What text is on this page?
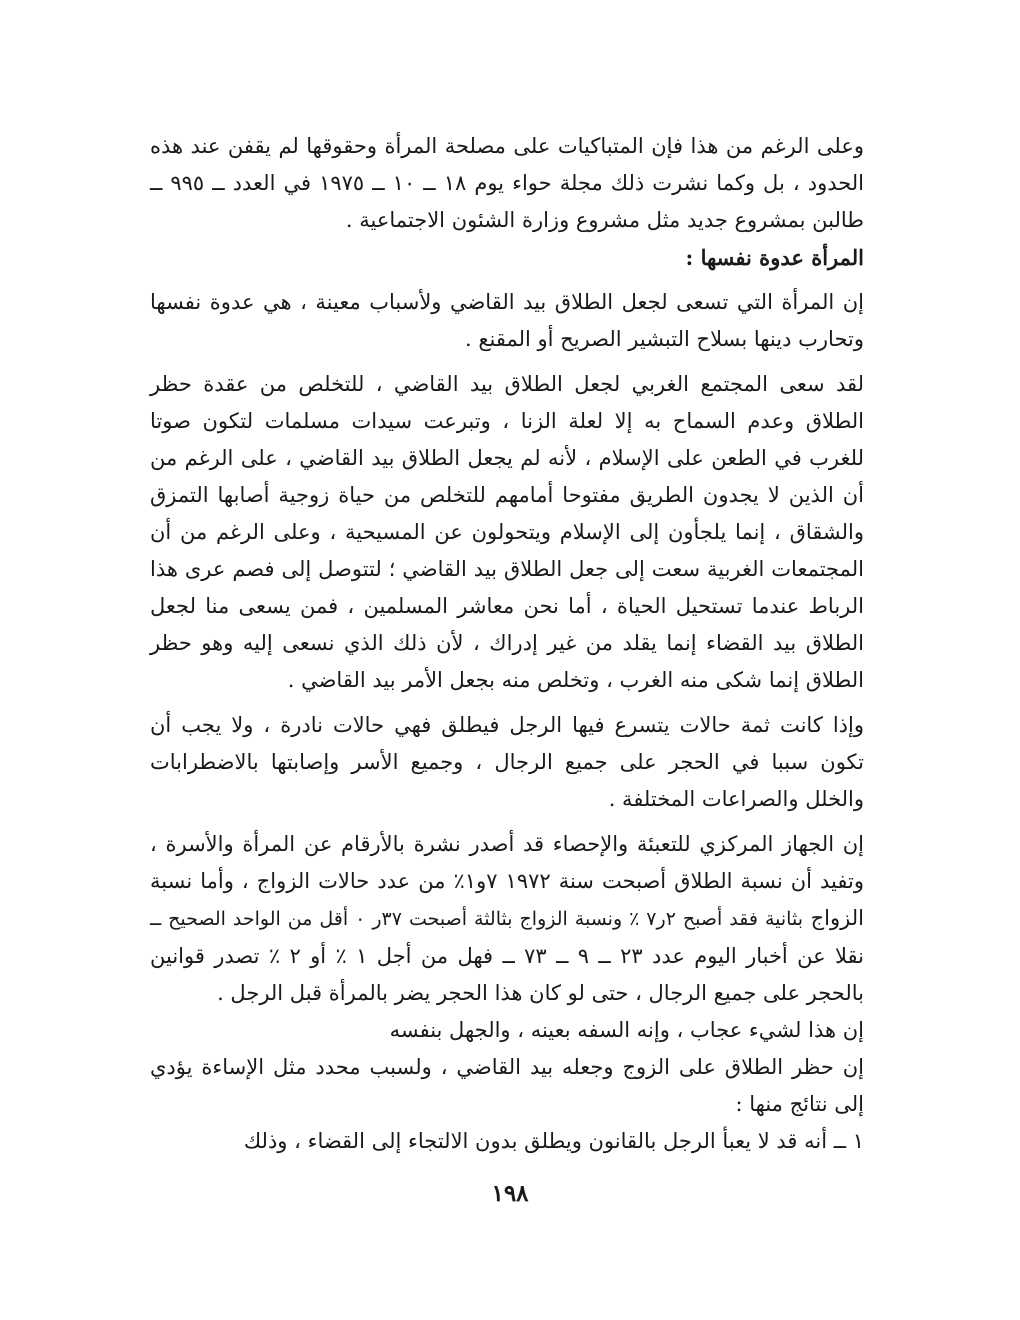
وعلى الرغم من هذا فإن المتباكيات على مصلحة المرأة وحقوقها لم يقفن عند هذه الحدود ، بل وكما نشرت ذلك مجلة حواء يوم ١٨ ــ ١٠ ــ ١٩٧٥ في العدد ــ ٩٩٥ ــ طالبن بمشروع جديد مثل مشروع وزارة الشئون الاجتماعية .

المرأة عدوة نفسها :

إن المرأة التي تسعى لجعل الطلاق بيد القاضي ولأسباب معينة ، هي عدوة نفسها وتحارب دينها بسلاح التبشير الصريح أو المقنع .

لقد سعى المجتمع الغربي لجعل الطلاق بيد القاضي ، للتخلص من عقدة حظر الطلاق وعدم السماح به إلا لعلة الزنا ، وتبرعت سيدات مسلمات لتكون صوتا للغرب في الطعن على الإسلام ، لأنه لم يجعل الطلاق بيد القاضي ، على الرغم من أن الذين لا يجدون الطريق مفتوحا أمامهم للتخلص من حياة زوجية أصابها التمزق والشقاق ، إنما يلجأون إلى الإسلام ويتحولون عن المسيحية ، وعلى الرغم من أن المجتمعات الغربية سعت إلى جعل الطلاق بيد القاضي ؛ لتتوصل إلى فصم عرى هذا الرباط عندما تستحيل الحياة ، أما نحن معاشر المسلمين ، فمن يسعى منا لجعل الطلاق بيد القضاء إنما يقلد من غير إدراك ، لأن ذلك الذي نسعى إليه وهو حظر الطلاق إنما شكى منه الغرب ، وتخلص منه بجعل الأمر بيد القاضي .

وإذا كانت ثمة حالات يتسرع فيها الرجل فيطلق فهي حالات نادرة ، ولا يجب أن تكون سببا في الحجر على جميع الرجال ، وجميع الأسر وإصابتها بالاضطرابات والخلل والصراعات المختلفة .

إن الجهاز المركزي للتعبئة والإحصاء قد أصدر نشرة بالأرقام عن المرأة والأسرة ، وتفيد أن نسبة الطلاق أصبحت سنة ١٩٧٢ ٧و١٪ من عدد حالات الزواج ، وأما نسبة الزواج بثانية فقد أصبح ٢ر٧ ٪ ونسبة الزواج بثالثة أصبحت ٣٧ر ٠ أقل من الواحد الصحيح ــ نقلا عن أخبار اليوم عدد ٢٣ ــ ٩ ــ ٧٣ ــ فهل من أجل ١ ٪ أو ٢ ٪ تصدر قوانين بالحجر على جميع الرجال ، حتى لو كان هذا الحجر يضر بالمرأة قبل الرجل .

إن هذا لشيء عجاب ، وإنه السفه بعينه ، والجهل بنفسه

إن حظر الطلاق على الزوج وجعله بيد القاضي ، ولسبب محدد مثل الإساءة يؤدي إلى نتائج منها :

١ ــ أنه قد لا يعبأ الرجل بالقانون ويطلق بدون الالتجاء إلى القضاء ، وذلك

١٩٨
